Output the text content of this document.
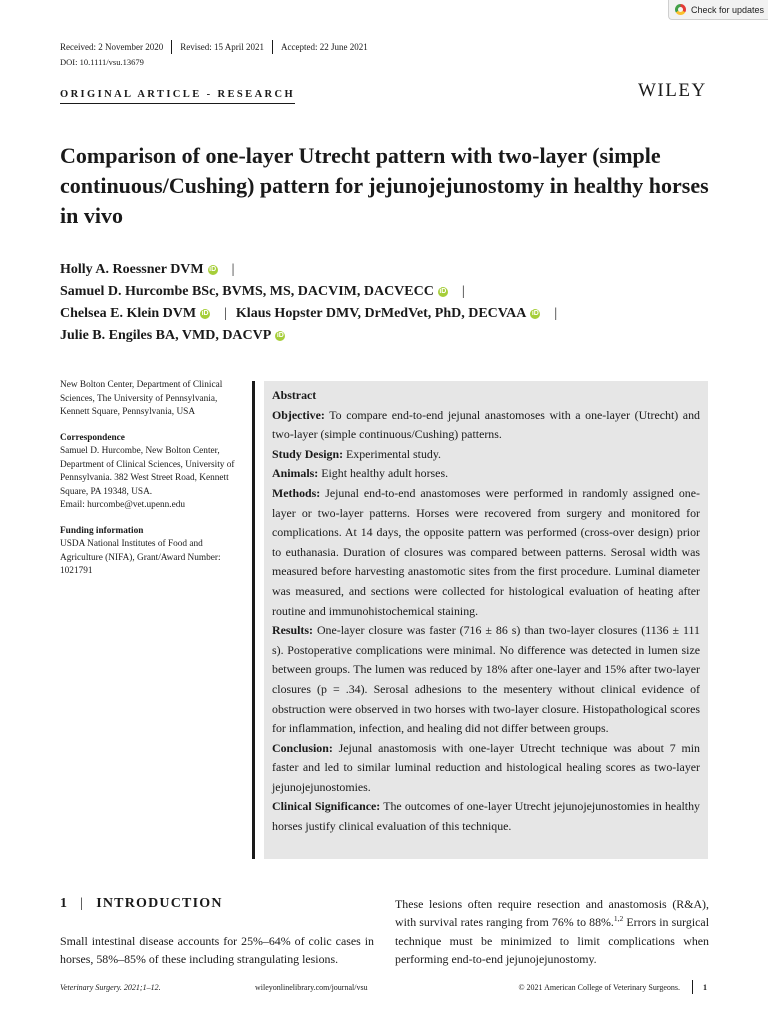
Check for updates
Received: 2 November 2020 Revised: 15 April 2021 Accepted: 22 June 2021
DOI: 10.1111/vsu.13679
ORIGINAL ARTICLE - RESEARCH	WILEY
Comparison of one-layer Utrecht pattern with two-layer (simple continuous/Cushing) pattern for jejunojejunostomy in healthy horses in vivo
Holly A. Roessner DVM iD |
Samuel D. Hurcombe BSc, BVMS, MS, DACVIM, DACVECC iD |
Chelsea E. Klein DVM iD | Klaus Hopster DMV, DrMedVet, PhD, DECVAA iD |
Julie B. Engiles BA, VMD, DACVP iD
New Bolton Center, Department of Clinical Sciences, The University of Pennsylvania, Kennett Square, Pennsylvania, USA
Correspondence
Samuel D. Hurcombe, New Bolton Center, Department of Clinical Sciences, University of Pennsylvania. 382 West Street Road, Kennett Square, PA 19348, USA.
Email: hurcombe@vet.upenn.edu
Funding information
USDA National Institutes of Food and Agriculture (NIFA), Grant/Award Number: 1021791

Abstract

Objective: To compare end-to-end jejunal anastomoses with a one-layer (Utrecht) and two-layer (simple continuous/Cushing) patterns.

Study Design: Experimental study.

Animals: Eight healthy adult horses.

Methods: Jejunal end-to-end anastomoses were performed in randomly assigned one-layer or two-layer patterns. Horses were recovered from surgery and monitored for complications. At 14 days, the opposite pattern was performed (cross-over design) prior to euthanasia. Duration of closures was compared between patterns. Serosal width was measured before harvesting anastomotic sites from the first procedure. Luminal diameter was measured, and sections were collected for histological evaluation of heating after routine and immunohistochemical staining.

Results: One-layer closure was faster (716 ± 86 s) than two-layer closures (1136 ± 111 s). Postoperative complications were minimal. No difference was detected in lumen size between groups. The lumen was reduced by 18% after one-layer and 15% after two-layer closures (p = .34). Serosal adhesions to the mesentery without clinical evidence of obstruction were observed in two horses with two-layer closure. Histopathological scores for inflammation, infection, and healing did not differ between groups.

Conclusion: Jejunal anastomosis with one-layer Utrecht technique was about 7 min faster and led to similar luminal reduction and histological healing scores as two-layer jejunojejunostomies.

Clinical Significance: The outcomes of one-layer Utrecht jejunojejunostomies in healthy horses justify clinical evaluation of this technique.

1 | INTRODUCTION
Small intestinal disease accounts for 25%–64% of colic cases in horses, 58%–85% of these including strangulating lesions.
These lesions often require resection and anastomosis (R&A), with survival rates ranging from 76% to 88%.$^{1,2}$ Errors in surgical technique must be minimized to limit complications when performing end-to-end jejunojejunostomy.
Veterinary Surgery. 2021;1–12.	wileyonlinelibrary.com/journal/vsu	© 2021 American College of Veterinary Surgeons.	1
